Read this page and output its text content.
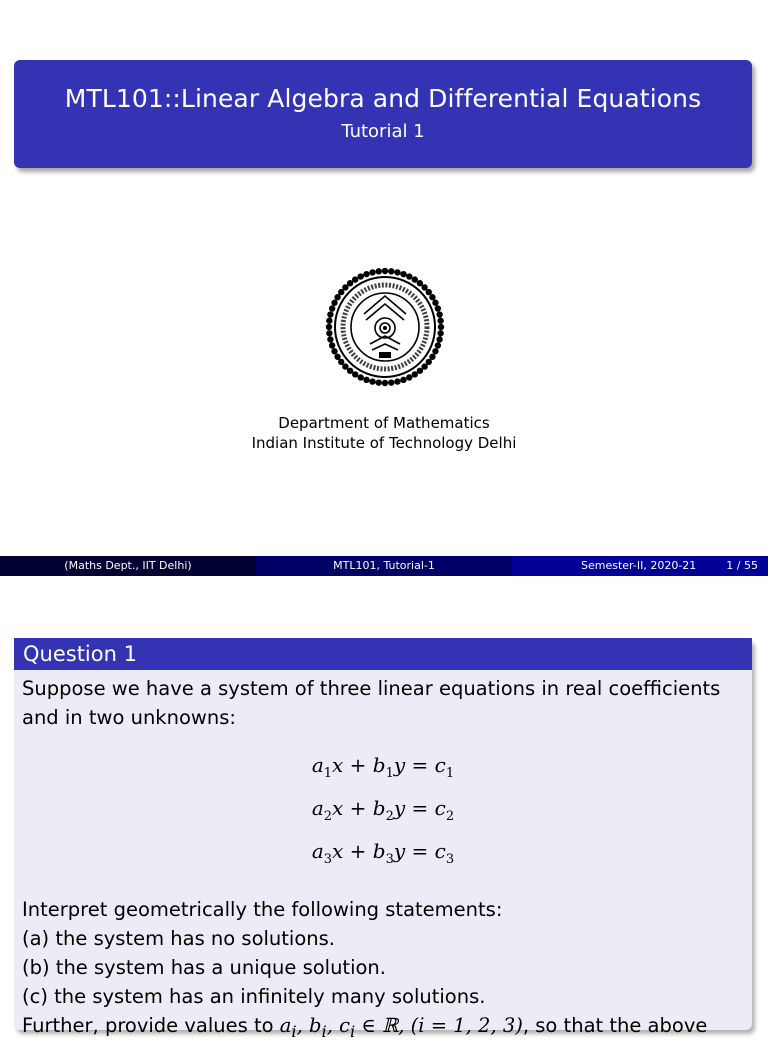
MTL101::Linear Algebra and Differential Equations
Tutorial 1
Department of Mathematics
Indian Institute of Technology Delhi
(Maths Dept., IIT Delhi)	MTL101, Tutorial-1	Semester-II, 2020-21	1 / 55
Question 1

Suppose we have a system of three linear equations in real coefficients and in two unknowns:

$a_1x + b_1y = c_1$
$a_2x + b_2y = c_2$
$a_3x + b_3y = c_3$

Interpret geometrically the following statements:

(a) the system has no solutions.

(b) the system has a unique solution.

(c) the system has an infinitely many solutions.

Further, provide values to $a_i$, $b_i$, $c_i$ ∈ ℝ, (i = 1, 2, 3), so that the above
